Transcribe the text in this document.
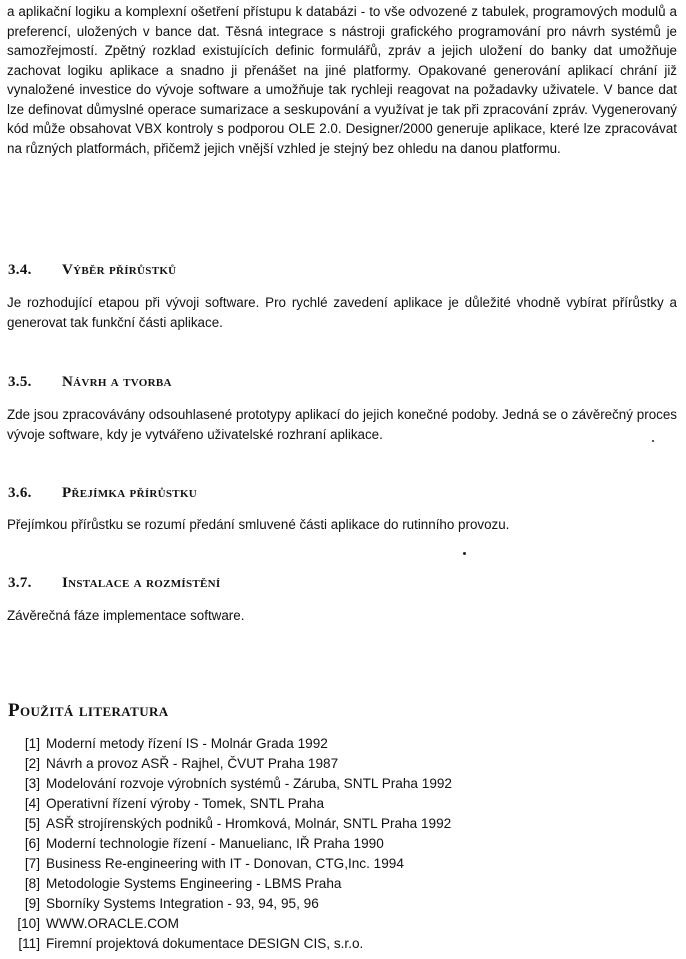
a aplikační logiku a komplexní ošetření přístupu k databázi - to vše odvozené z tabulek, programových modulů a preferencí, uložených v bance dat. Těsná integrace s nástroji grafického programování pro návrh systémů je samozřejmostí. Zpětný rozklad existujících definic formulářů, zpráv a jejich uložení do banky dat umožňuje zachovat logiku aplikace a snadno ji přenášet na jiné platformy. Opakované generování aplikací chrání již vynaložené investice do vývoje software a umožňuje tak rychleji reagovat na požadavky uživatele. V bance dat lze definovat důmyslné operace sumarizace a seskupování a využívat je tak při zpracování zpráv. Vygenerovaný kód může obsahovat VBX kontroly s podporou OLE 2.0. Designer/2000 generuje aplikace, které lze zpracovávat na různých platformách, přičemž jejich vnější vzhled je stejný bez ohledu na danou platformu.

3.4. Výběr přírůstků

Je rozhodující etapou při vývoji software. Pro rychlé zavedení aplikace je důležité vhodně vybírat přírůstky a generovat tak funkční části aplikace.

3.5. Návrh a tvorba

Zde jsou zpracovávány odsouhlasené prototypy aplikací do jejich konečné podoby. Jedná se o závěrečný proces vývoje software, kdy je vytvářeno uživatelské rozhraní aplikace.

3.6. Přejímka přírůstku

Přejímkou přírůstku se rozumí předání smluvené části aplikace do rutinního provozu.

3.7. Instalace a rozmístění

Závěrečná fáze implementace software.

Použitá literatura
[1] Moderní metody řízení IS - Molnár Grada 1992
[2] Návrh a provoz ASŘ - Rajhel, ČVUT Praha 1987
[3] Modelování rozvoje výrobních systémů - Záruba, SNTL Praha 1992
[4] Operativní řízení výroby - Tomek, SNTL Praha
[5] ASŘ strojírenských podniků - Hromková, Molnár, SNTL Praha 1992
[6] Moderní technologie řízení - Manuelianc, IŘ Praha 1990
[7] Business Re-engineering with IT - Donovan, CTG,Inc. 1994
[8] Metodologie Systems Engineering - LBMS Praha
[9] Sborníky Systems Integration - 93, 94, 95, 96
[10] WWW.ORACLE.COM
[11] Firemní projektová dokumentace DESIGN CIS, s.r.o.
